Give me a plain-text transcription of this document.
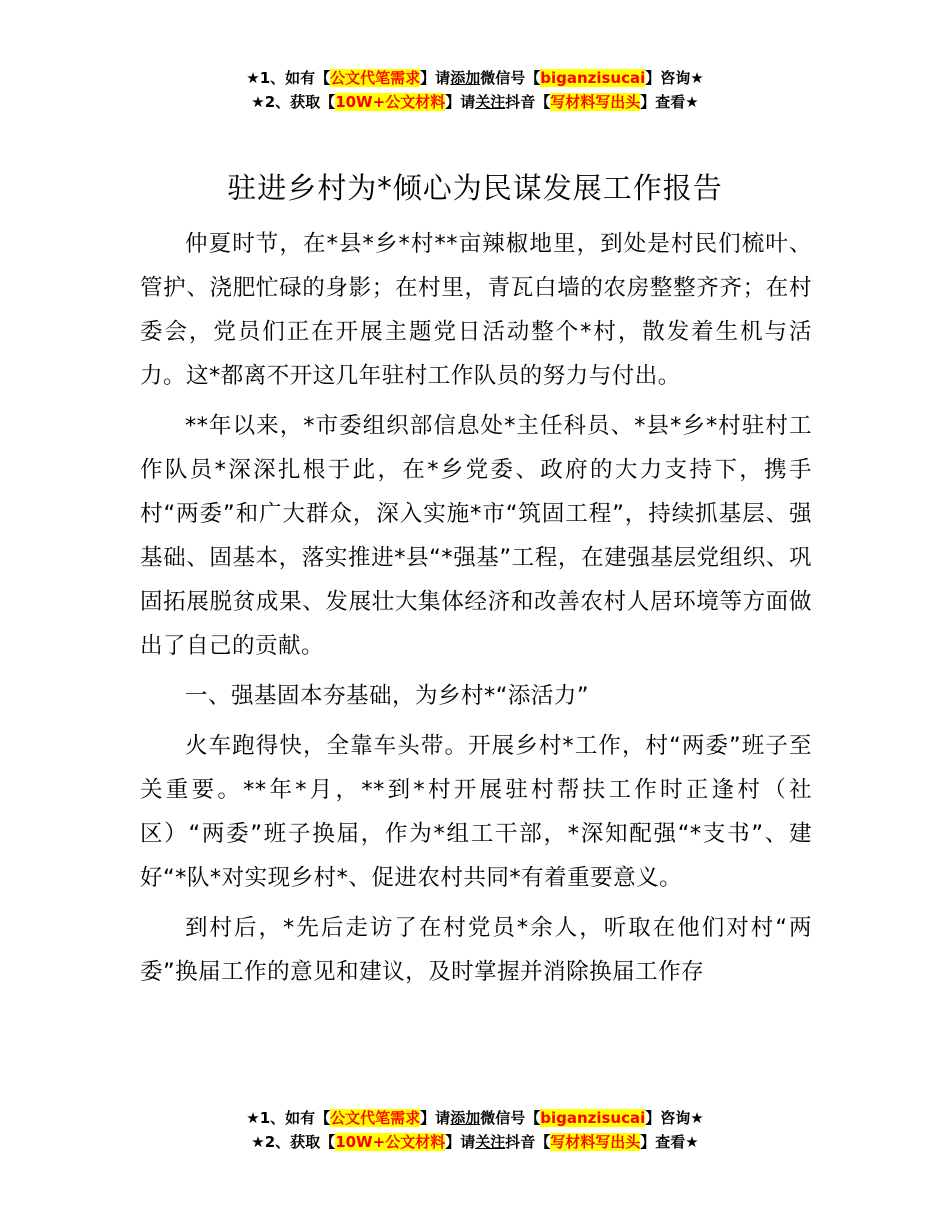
★1、如有【公文代笔需求】请添加微信号【biganzisucai】咨询★
★2、获取【10W+公文材料】请关注抖音【写材料写出头】查看★
驻进乡村为*倾心为民谋发展工作报告

仲夏时节，在*县*乡*村**亩辣椒地里，到处是村民们梳叶、管护、浇肥忙碌的身影；在村里，青瓦白墙的农房整整齐齐；在村委会，党员们正在开展主题党日活动整个*村，散发着生机与活力。这*都离不开这几年驻村工作队员的努力与付出。

**年以来，*市委组织部信息处*主任科员、*县*乡*村驻村工作队员*深深扎根于此，在*乡党委、政府的大力支持下，携手村“两委”和广大群众，深入实施*市“筑固工程”，持续抓基层、强基础、固基本，落实推进*县“*强基”工程，在建强基层党组织、巩固拓展脱贫成果、发展壮大集体经济和改善农村人居环境等方面做出了自己的贡献。

一、强基固本夯基础，为乡村*“添活力”

火车跑得快，全靠车头带。开展乡村*工作，村“两委”班子至关重要。**年*月，**到*村开展驻村帮扶工作时正逢村（社区）“两委”班子换届，作为*组工干部，*深知配强“*支书”、建好“*队*对实现乡村*、促进农村共同*有着重要意义。

到村后，*先后走访了在村党员*余人，听取在他们对村“两委”换届工作的意见和建议，及时掌握并消除换届工作存

★1、如有【公文代笔需求】请添加微信号【biganzisucai】咨询★
★2、获取【10W+公文材料】请关注抖音【写材料写出头】查看★
